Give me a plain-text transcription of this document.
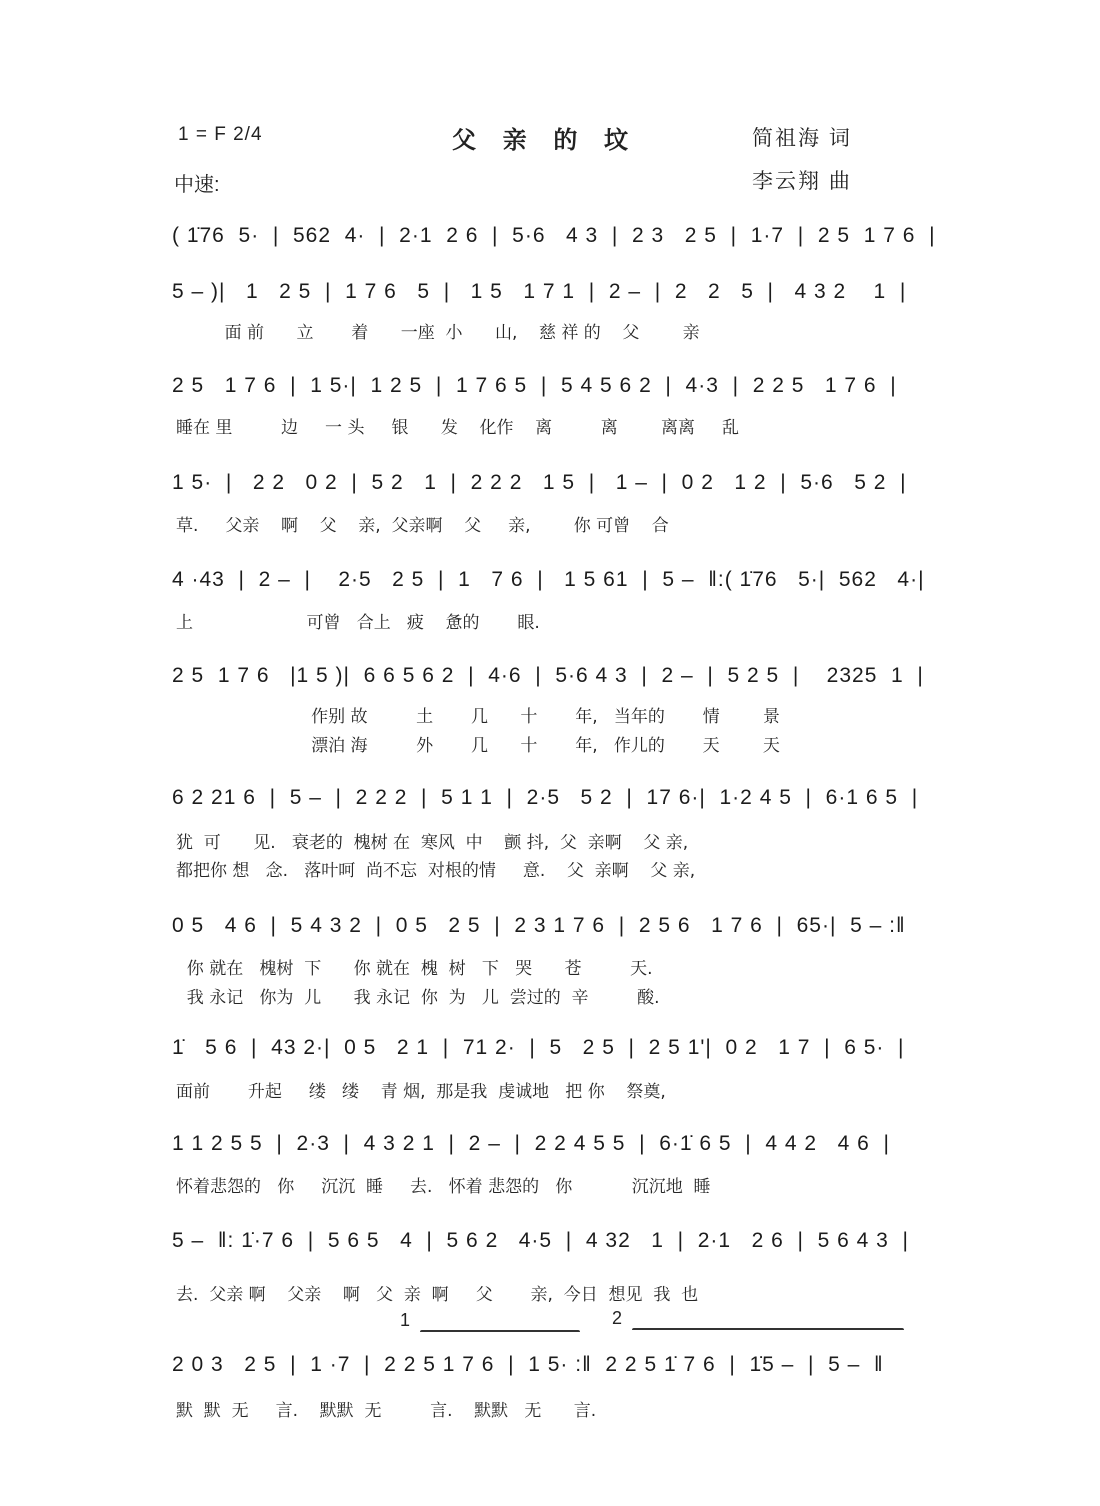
1 = F 2/4	父 亲 的 坟	简祖海 词
中速:	李云翔 曲
( 1̇76  5·  |  562  4·  |  2·1  2 6  |  5·6   4 3  |  2 3   2 5  |  1·7  |  2 5  1 7 6  |
5 – )|   1   2 5  |  1 7 6   5  |   1 5   1 7 1  |  2 –  |  2   2   5  |   4 3 2    1  |
面 前      立       着      一座  小      山,    慈 祥 的    父        亲
2 5   1 7 6  |  1 5·|  1 2 5  |  1 7 6 5  |  5 4 5 6 2  |  4·3  |  2 2 5   1 7 6  |
睡在 里         边     一 头     银      发    化作    离         离        离离     乱
1 5·  |   2 2   0 2  |  5 2   1  |  2 2 2   1 5  |   1 –  |  0 2   1 2  |  5·6   5 2  |
草.     父亲    啊    父    亲,  父亲啊    父     亲,        你 可曾    合
4 ·43  |  2 –  |    2·5   2 5  |  1   7 6  |   1 5 61  |  5 –  ‖:( 1̇76   5·|  562   4·|
上                     可曾   合上   疲    惫的       眼.
2 5  1 7 6   |1 5 )|  6 6 5 6 2  |  4·6  |  5·6 4 3  |  2 –  |  5 2 5  |    2325  1  |
作别 故         土       几      十       年,   当年的       情        景
漂泊 海         外       几      十       年,   作儿的       天        天
6 2 21 6  |  5 –  |  2 2 2  |  5 1 1  |  2·5   5 2  |  17 6·|  1·2 4 5  |  6·1 6 5  |
犹  可      见.   衰老的  槐树 在  寒风  中    颤 抖,  父  亲啊    父 亲,
都把你 想   念.   落叶呵  尚不忘  对根的情     意.    父  亲啊    父 亲,
0 5   4 6  |  5 4 3 2  |  0 5   2 5  |  2 3 1 7 6  |  2 5 6   1 7 6  |  65·|  5 – :‖
你 就在   槐树  下      你 就在  槐  树   下   哭      苍         天.
我 永记   你为  儿      我 永记  你  为   儿  尝过的  辛         酸.
1̇   5 6  |  43 2·|  0 5   2 1  |  71 2·  |  5   2 5  |  2 5 1'|  0 2   1 7  |  6 5·  |
面前       升起     缕   缕    青 烟,  那是我  虔诚地   把 你    祭奠,
1 1 2 5 5  |  2·3  |  4 3 2 1  |  2 –  |  2 2 4 5 5  |  6·1̇ 6 5  |  4 4 2   4 6  |
怀着悲怨的   你     沉沉  睡     去.   怀着 悲怨的   你           沉沉地  睡
5 –  ‖: 1̇·7 6  |  5 6 5   4  |  5 6 2   4·5  |  4 32   1  |  2·1   2 6  |  5 6 4 3  |
去.  父亲 啊    父亲    啊   父  亲  啊     父       亲,  今日  想见  我  也
1	2
2 0 3   2 5  |  1 ·7  |  2 2 5 1 7 6  |  1 5· :‖  2 2 5 1̇ 7 6  |  1̇5 –  |  5 –  ‖
默  默  无     言.    默默  无         言.    默默   无      言.
